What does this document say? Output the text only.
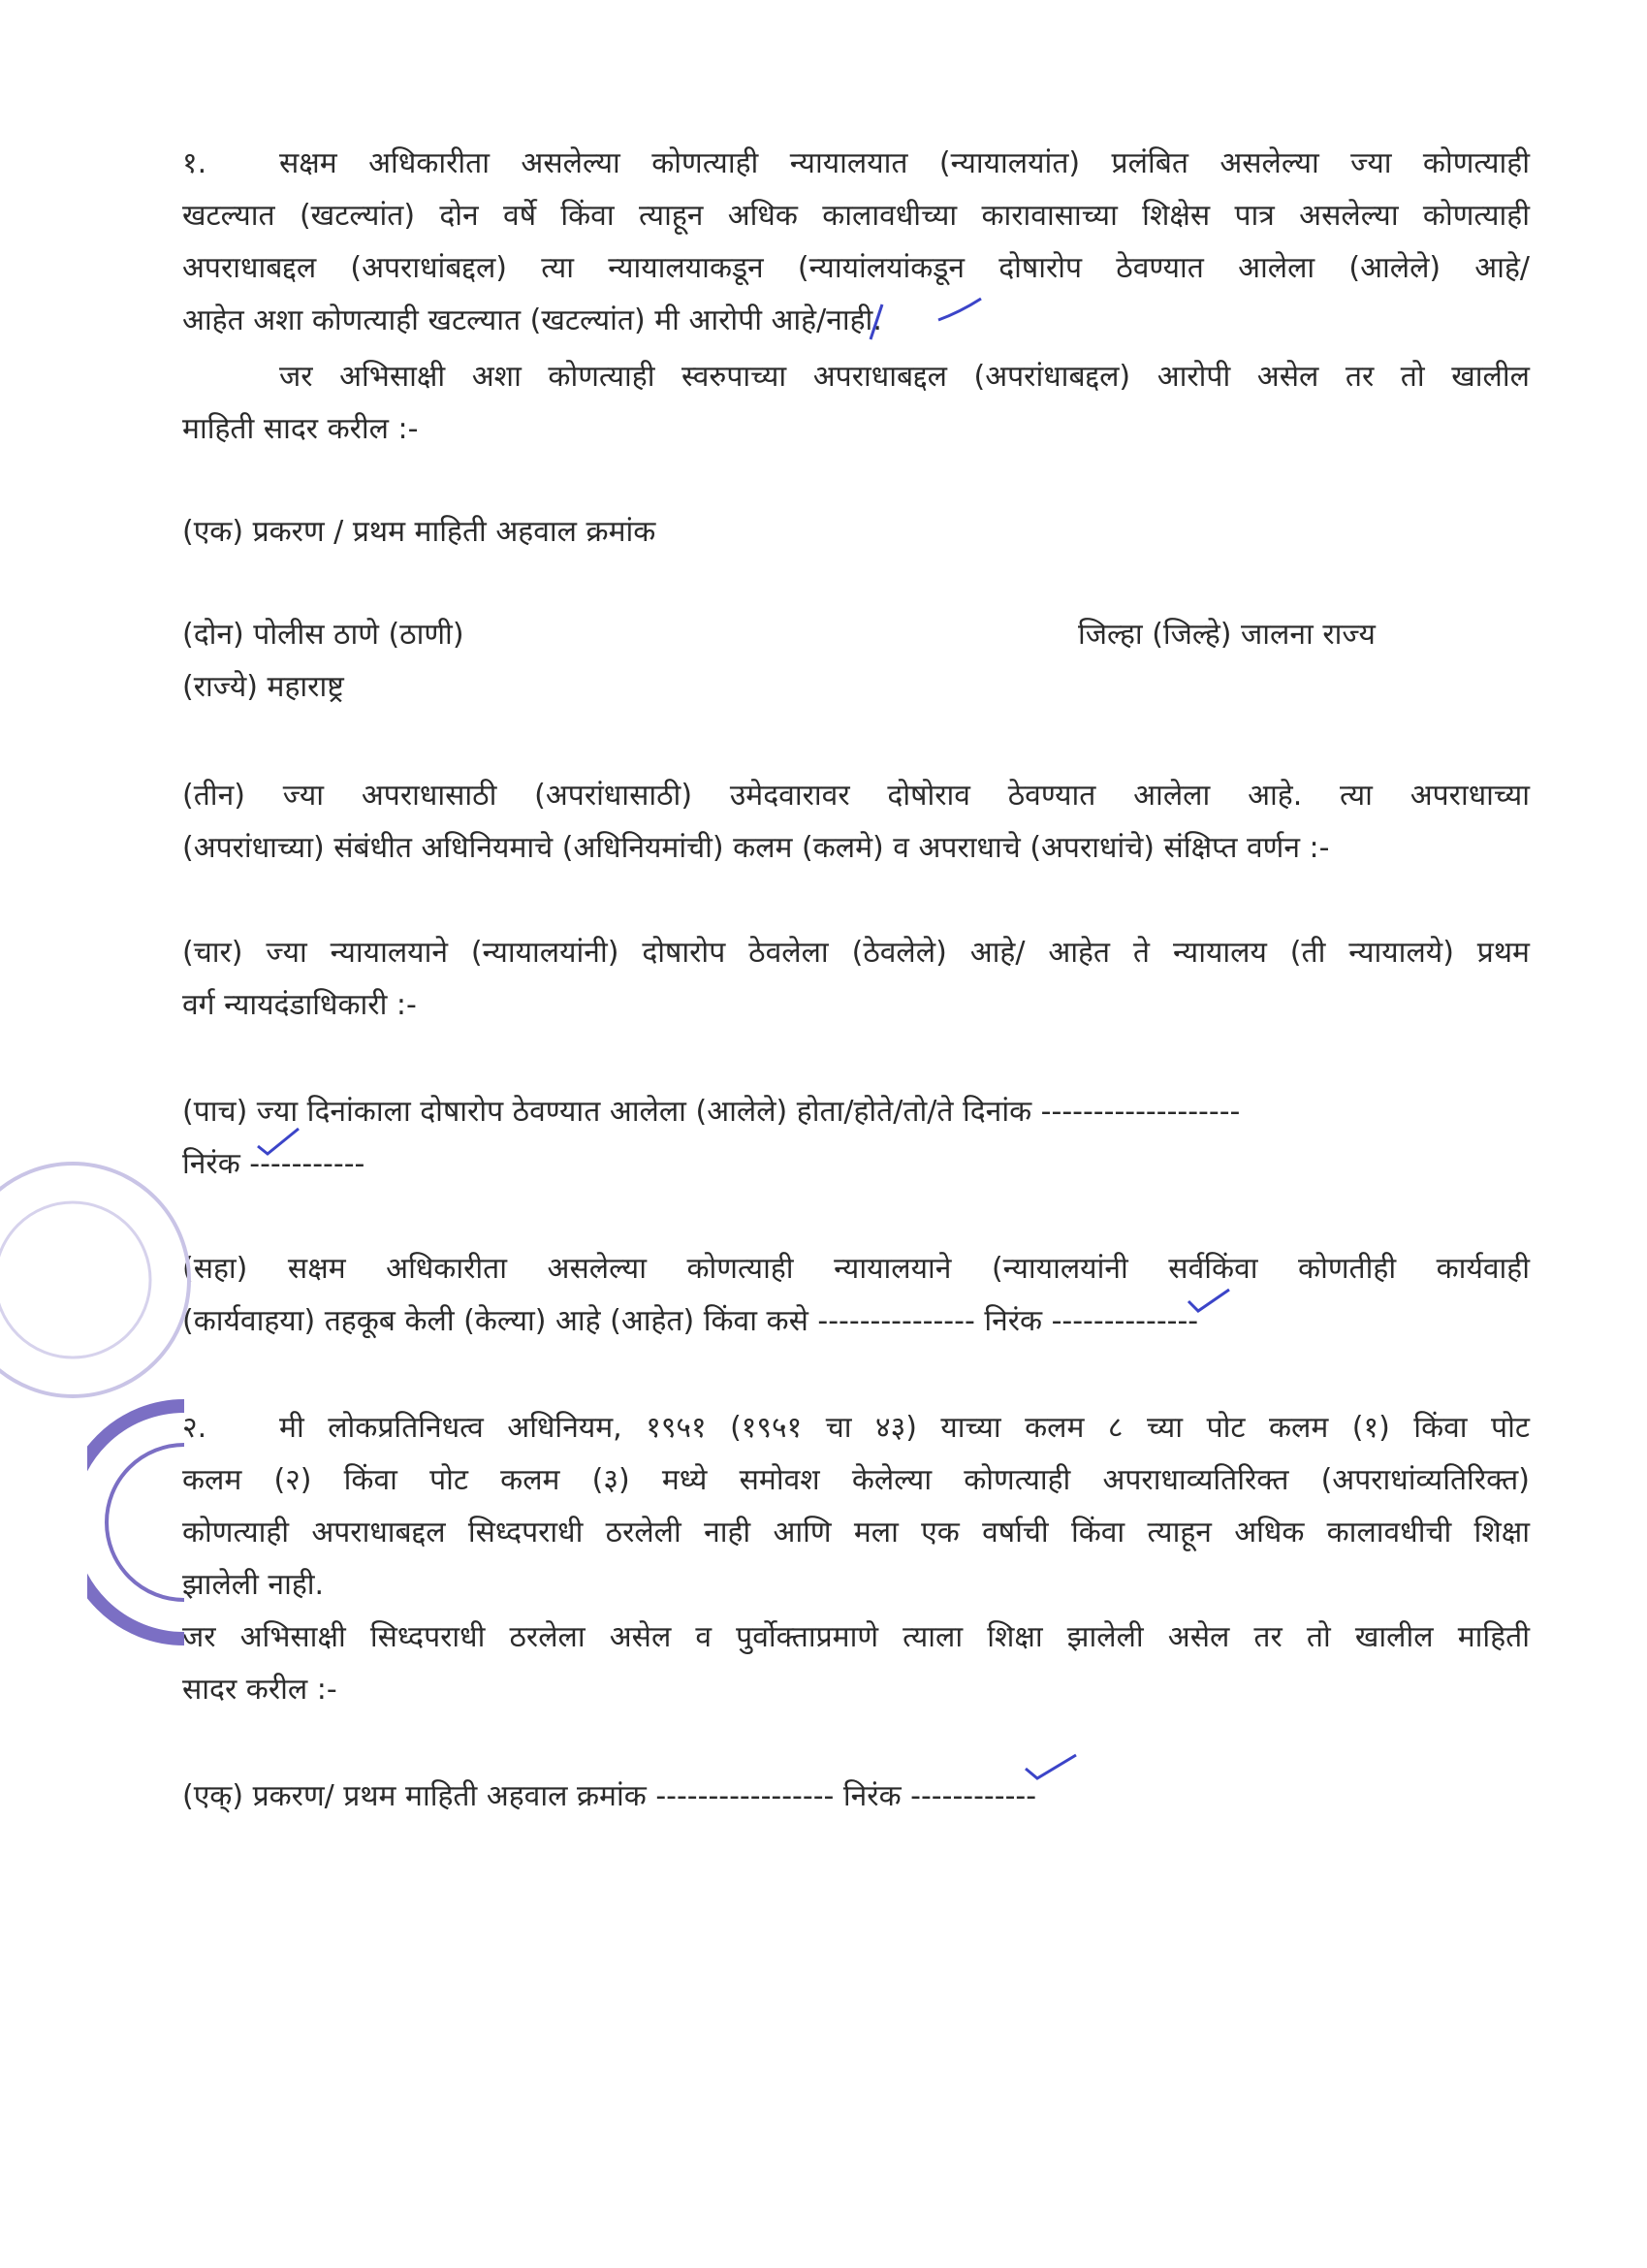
१. सक्षम अधिकारीता असलेल्या कोणत्याही न्यायालयात (न्यायालयांत) प्रलंबित असलेल्या ज्या कोणत्याही
खटल्यात (खटल्यांत) दोन वर्षे किंवा त्याहून अधिक कालावधीच्या कारावासाच्या शिक्षेस पात्र असलेल्या कोणत्याही
अपराधाबद्दल (अपराधांबद्दल) त्या न्यायालयाकडून (न्यायांलयांकडून दोषारोप ठेवण्यात आलेला (आलेले) आहे/
आहेत अशा कोणत्याही खटल्यात (खटल्यांत) मी आरोपी आहे/नाही.
जर अभिसाक्षी अशा कोणत्याही स्वरुपाच्या अपराधाबद्दल (अपरांधाबद्दल) आरोपी असेल तर तो खालील
माहिती सादर करील :-
(एक) प्रकरण / प्रथम माहिती अहवाल क्रमांक
(दोन) पोलीस ठाणे (ठाणी)	जिल्हा (जिल्हे) जालना राज्य
(राज्ये) महाराष्ट्र
(तीन) ज्या अपराधासाठी (अपरांधासाठी) उमेदवारावर दोषोराव ठेवण्यात आलेला आहे. त्या अपराधाच्या
(अपरांधाच्या) संबंधीत अधिनियमाचे (अधिनियमांची) कलम (कलमे) व अपराधाचे (अपराधांचे) संक्षिप्त वर्णन :-
(चार) ज्या न्यायालयाने (न्यायालयांनी) दोषारोप ठेवलेला (ठेवलेले) आहे/ आहेत ते न्यायालय (ती न्यायालये) प्रथम
वर्ग न्यायदंडाधिकारी :-
(पाच) ज्या दिनांकाला दोषारोप ठेवण्यात आलेला (आलेले) होता/होते/तो/ते दिनांक -------------------
निरंक -----------
(सहा) सक्षम अधिकारीता असलेल्या कोणत्याही न्यायालयाने (न्यायालयांनी सर्वकिंवा कोणतीही कार्यवाही
(कार्यवाहया) तहकूब केली (केल्या) आहे (आहेत) किंवा कसे --------------- निरंक --------------
२. मी लोकप्रतिनिधत्व अधिनियम, १९५१ (१९५१ चा ४३) याच्या कलम ८ च्या पोट कलम (१) किंवा पोट
कलम (२) किंवा पोट कलम (३) मध्ये समोवश केलेल्या कोणत्याही अपराधाव्यतिरिक्त (अपराधांव्यतिरिक्त)
कोणत्याही अपराधाबद्दल सिध्दपराधी ठरलेली नाही आणि मला एक वर्षाची किंवा त्याहून अधिक कालावधीची शिक्षा
झालेली नाही.
जर अभिसाक्षी सिध्दपराधी ठरलेला असेल व पुर्वोक्ताप्रमाणे त्याला शिक्षा झालेली असेल तर तो खालील माहिती
सादर करील :-
(एक्) प्रकरण/ प्रथम माहिती अहवाल क्रमांक ----------------- निरंक ------------
